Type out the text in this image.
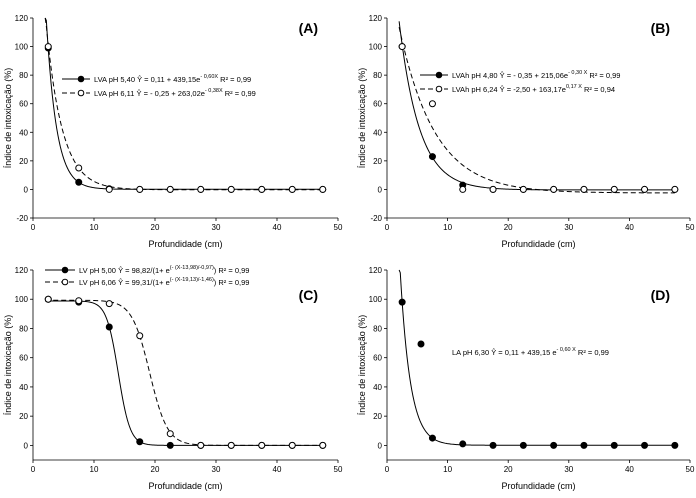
-20
0
20
40
60
80
100
120
0	10	20	30	40	50
Profundidade (cm)
Índice de intoxicação (%)
(A)
LVA pH 5,40 Ŷ = $0,11 + 439,15e^{- 0,60X}$ R² = 0,99
LVA pH 6,11 Ŷ = - $0,25 + 263,02e^{- 0,38X}$ R² = 0,99
-20
0
20
40
60
80
100
120
0	10	20	30	40	50
Profundidade (cm)
Índice de intoxicação (%)
(B)
LVAh pH 4,80 Ŷ = - $0,35 + 215,06e^{- 0,30 X}$ R² = 0,99
LVAh pH 6,24 Ŷ = $-2,50 + 163,17e^{0,17 X}$ R² = 0,94
0
20
40
60
80
100
120
0	10	20	30	40	50
Profundidade (cm)
Índice de intoxicação (%)
(C)
LV pH 5,00 Ŷ = $98,82/(1+ e^{(- (X-13,98)/-0,97)})$ R² = 0,99
LV pH 6,06 Ŷ = $99,31/(1+ e^{(- (X-19,13)/-1,46)})$ R² = 0,99
0
20
40
60
80
100
120
0	10	20	30	40	50
Profundidade (cm)
Índice de intoxicação (%)
(D)
LA pH 6,30 Ŷ = 0,11 + 439,15 $e^{- 0,60 X}$ R² = 0,99
